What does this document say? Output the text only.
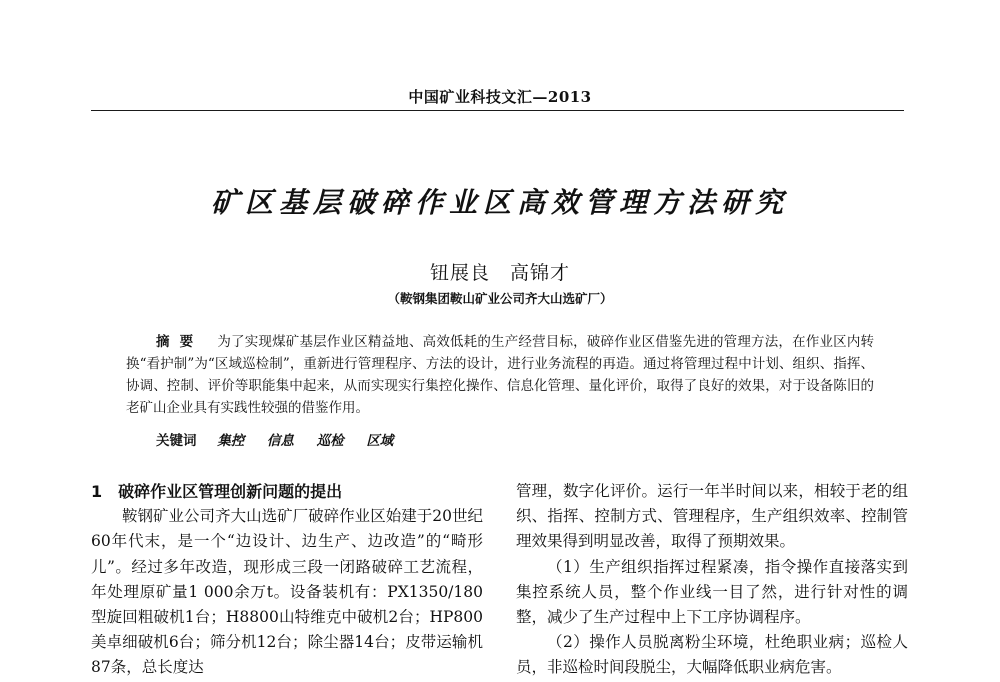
中国矿业科技文汇—2013
矿区基层破碎作业区高效管理方法研究
钮展良　高锦才
（鞍钢集团鞍山矿业公司齐大山选矿厂）
摘要 为了实现煤矿基层作业区精益地、高效低耗的生产经营目标，破碎作业区借鉴先进的管理方法，在作业区内转换“看护制”为“区域巡检制”，重新进行管理程序、方法的设计，进行业务流程的再造。通过将管理过程中计划、组织、指挥、协调、控制、评价等职能集中起来，从而实现实行集控化操作、信息化管理、量化评价，取得了良好的效果，对于设备陈旧的老矿山企业具有实践性较强的借鉴作用。
关键词 集控 信息 巡检 区域
1 破碎作业区管理创新问题的提出

鞍钢矿业公司齐大山选矿厂破碎作业区始建于20世纪60年代末，是一个“边设计、边生产、边改造”的“畸形儿”。经过多年改造，现形成三段一闭路破碎工艺流程，年处理原矿量1 000余万t。设备装机有：PX1350/180型旋回粗破机1台；H8800山特维克中破机2台；HP800美卓细破机6台；筛分机12台；除尘器14台；皮带运输机87条，总长度达

管理，数字化评价。运行一年半时间以来，相较于老的组织、指挥、控制方式、管理程序，生产组织效率、控制管理效果得到明显改善，取得了预期效果。

（1）生产组织指挥过程紧凑，指令操作直接落实到集控系统人员，整个作业线一目了然，进行针对性的调整，减少了生产过程中上下工序协调程序。

（2）操作人员脱离粉尘环境，杜绝职业病；巡检人员，非巡检时间段脱尘，大幅降低职业病危害。
